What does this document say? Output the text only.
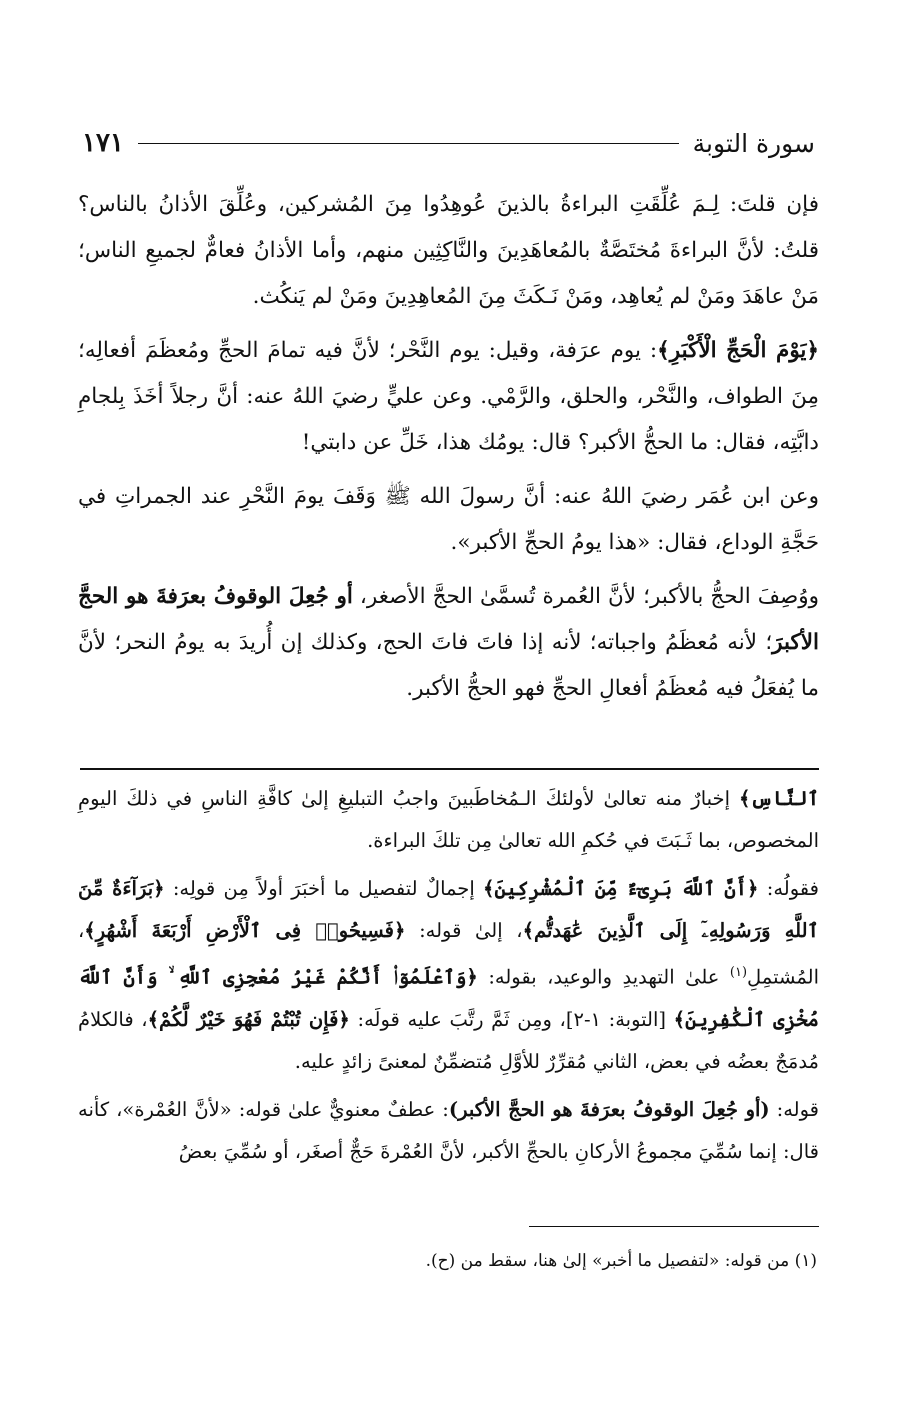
سورة التوبة
١٧١

فإن قلتَ: لِـمَ عُلِّقَتِ البراءةُ بالذينَ عُوهِدُوا مِنَ المُشركين، وعُلِّقَ الأذانُ بالناس؟ قلتُ: لأنَّ البراءةَ مُختَصَّةٌ بالمُعاهَدِينَ والنَّاكِثِين منهم، وأما الأذانُ فعامٌّ لجميعِ الناس؛ مَنْ عاهَدَ ومَنْ لم يُعاهِد، ومَنْ نَـكَثَ مِنَ المُعاهِدِينَ ومَنْ لم يَنكُث.

﴿يَوْمَ الْحَجِّ الْأَكْبَرِ﴾: يوم عرَفة، وقيل: يوم النَّحْر؛ لأنَّ فيه تمامَ الحجِّ ومُعظَمَ أفعالِه؛ مِنَ الطواف، والنَّحْر، والحلق، والرَّمْي. وعن عليٍّ رضيَ اللهُ عنه: أنَّ رجلاً أخَذَ بِلجامِ دابَّتِه، فقال: ما الحجُّ الأكبر؟ قال: يومُك هذا، خَلِّ عن دابتي!

وعن ابن عُمَر رضيَ اللهُ عنه: أنَّ رسولَ الله ﷺ وَقَفَ يومَ النَّحْرِ عند الجمراتِ في حَجَّةِ الوداع، فقال: «هذا يومُ الحجِّ الأكبر».

ووُصِفَ الحجُّ بالأكبر؛ لأنَّ العُمرة تُسمَّىٰ الحجَّ الأصغر، أو جُعِلَ الوقوفُ بعرَفةَ هو الحجَّ الأكبرَ؛ لأنه مُعظَمُ واجباته؛ لأنه إذا فاتَ فاتَ الحج، وكذلك إن أُريدَ به يومُ النحر؛ لأنَّ ما يُفعَلُ فيه مُعظَمُ أفعالِ الحجِّ فهو الحجُّ الأكبر.

ٱلنَّاسِ﴾ إخبارٌ منه تعالىٰ لأولئكَ الـمُخاطَبينَ واجبُ التبليغِ إلىٰ كافَّةِ الناسِ في ذلكَ اليومِ المخصوص، بما ثَـبَتَ في حُكمِ الله تعالىٰ مِن تلكَ البراءة.

فقولُه: ﴿أَنَّ ٱللَّهَ بَرِىٓءٌ مِّنَ ٱلْمُشْرِكِينَ﴾ إجمالٌ لتفصيل ما أخبَرَ أولاً مِن قولِه: ﴿بَرَآءَةٌ مِّنَ ٱللَّهِ وَرَسُولِهِۦٓ إِلَى ٱلَّذِينَ عَٰهَدتُّم﴾، إلىٰ قوله: ﴿فَسِيحُوا۟ فِى ٱلْأَرْضِ أَرْبَعَةَ أَشْهُرٍ﴾، المُشتمِلِ$^{(١)}$ علىٰ التهديدِ والوعيد، بقوله: ﴿وَٱعْلَمُوٓا۟ أَنَّكُمْ غَيْرُ مُعْجِزِى ٱللَّهِ ۙ وَأَنَّ ٱللَّهَ مُخْزِى ٱلْكَٰفِرِينَ﴾ [التوبة: ١-٢]، ومِن ثَمَّ رتَّبَ عليه قولَه: ﴿فَإِن تُبْتُمْ فَهُوَ خَيْرٌ لَّكُمْ﴾، فالكلامُ مُدمَجٌ بعضُه في بعض، الثاني مُقرِّرٌ للأوَّلِ مُتضمِّنٌ لمعنىً زائدٍ عليه.

قوله: (أو جُعِلَ الوقوفُ بعرَفةَ هو الحجَّ الأكبر): عطفٌ معنويٌّ علىٰ قوله: «لأنَّ العُمْرة»، كأنه قال: إنما سُمِّيَ مجموعُ الأركانِ بالحجِّ الأكبر، لأنَّ العُمْرةَ حَجٌّ أصغَر، أو سُمِّيَ بعضُ

(١) من قوله: «لتفصيل ما أخبر» إلىٰ هنا، سقط من (ح).
